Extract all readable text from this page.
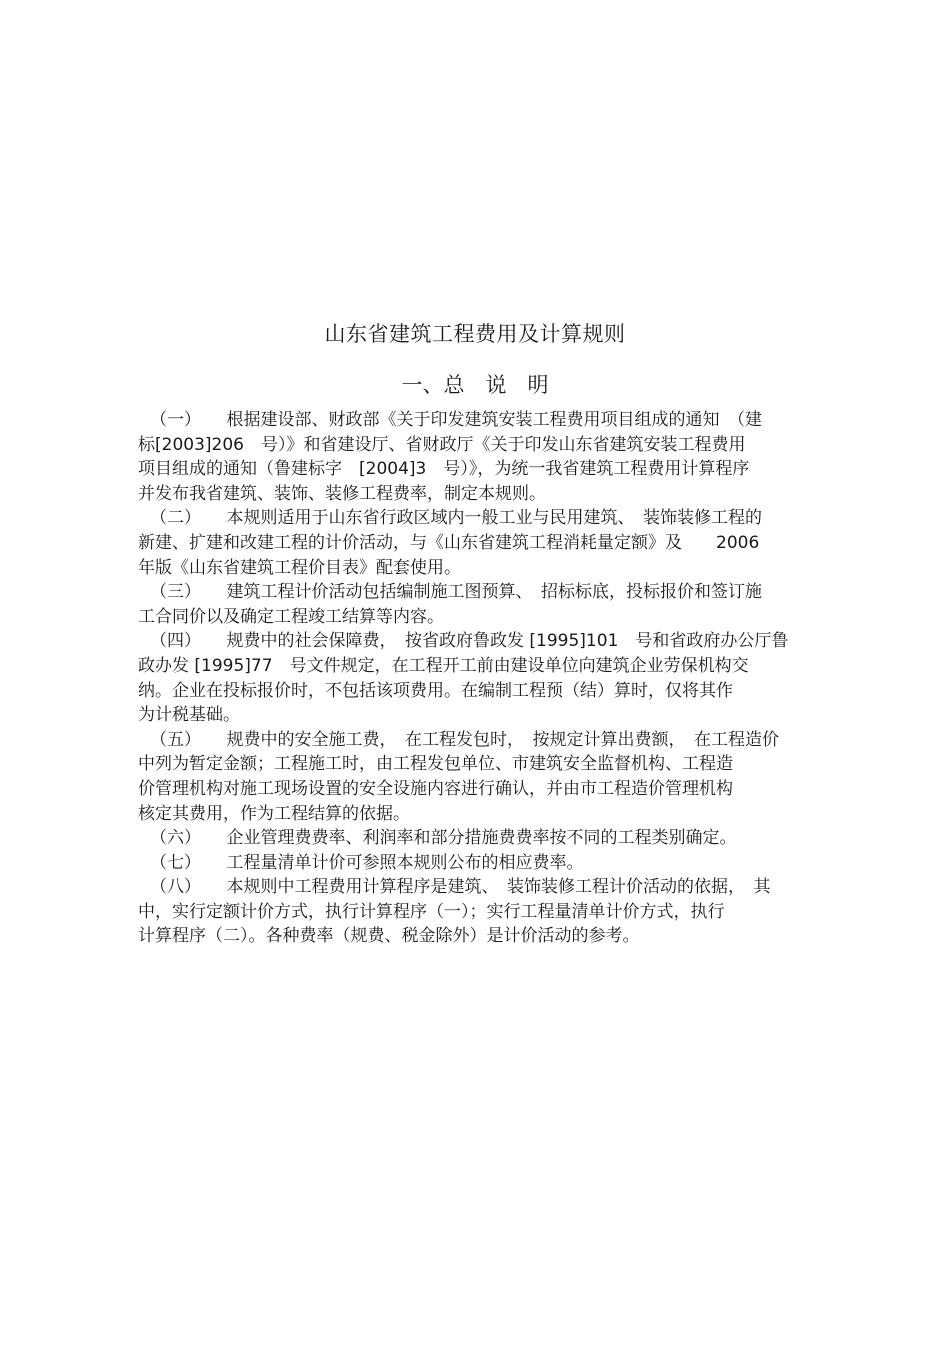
山东省建筑工程费用及计算规则
一、总　说　明
（一）　　根据建设部、财政部《关于印发建筑安装工程费用项目组成的通知　（建
标[2003]206　号）》和省建设厅、省财政厅《关于印发山东省建筑安装工程费用
项目组成的通知（鲁建标字　[2004]3　号）》，为统一我省建筑工程费用计算程序
并发布我省建筑、装饰、装修工程费率，制定本规则。
（二）　　本规则适用于山东省行政区域内一般工业与民用建筑、　装饰装修工程的
新建、扩建和改建工程的计价活动，与《山东省建筑工程消耗量定额》及　　2006
年版《山东省建筑工程价目表》配套使用。
（三）　　建筑工程计价活动包括编制施工图预算、　招标标底，投标报价和签订施
工合同价以及确定工程竣工结算等内容。
（四）　　规费中的社会保障费，　按省政府鲁政发 [1995]101　号和省政府办公厅鲁
政办发 [1995]77　号文件规定，在工程开工前由建设单位向建筑企业劳保机构交
纳。企业在投标报价时，不包括该项费用。在编制工程预（结）算时，仅将其作
为计税基础。
（五）　　规费中的安全施工费，　在工程发包时，　按规定计算出费额，　在工程造价
中列为暂定金额；工程施工时，由工程发包单位、市建筑安全监督机构、工程造
价管理机构对施工现场设置的安全设施内容进行确认，并由市工程造价管理机构
核定其费用，作为工程结算的依据。
（六）　　企业管理费费率、利润率和部分措施费费率按不同的工程类别确定。
（七）　　工程量清单计价可参照本规则公布的相应费率。
（八）　　本规则中工程费用计算程序是建筑、　装饰装修工程计价活动的依据，　其
中，实行定额计价方式，执行计算程序（一）；实行工程量清单计价方式，执行
计算程序（二）。各种费率（规费、税金除外）是计价活动的参考。
